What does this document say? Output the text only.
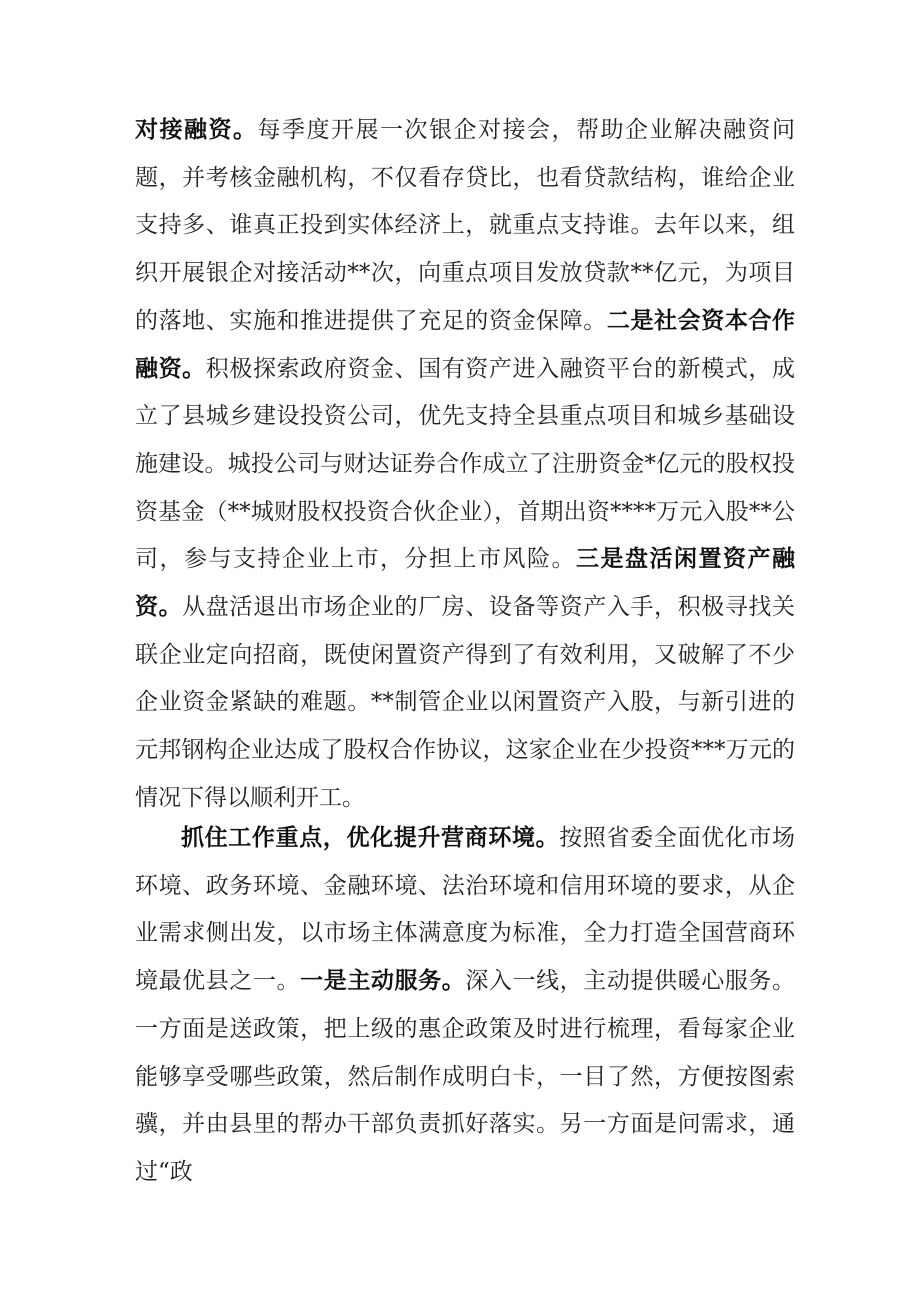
对接融资。每季度开展一次银企对接会，帮助企业解决融资问题，并考核金融机构，不仅看存贷比，也看贷款结构，谁给企业支持多、谁真正投到实体经济上，就重点支持谁。去年以来，组织开展银企对接活动**次，向重点项目发放贷款**亿元，为项目的落地、实施和推进提供了充足的资金保障。二是社会资本合作融资。积极探索政府资金、国有资产进入融资平台的新模式，成立了县城乡建设投资公司，优先支持全县重点项目和城乡基础设施建设。城投公司与财达证券合作成立了注册资金*亿元的股权投资基金（**城财股权投资合伙企业），首期出资****万元入股**公司，参与支持企业上市，分担上市风险。三是盘活闲置资产融资。从盘活退出市场企业的厂房、设备等资产入手，积极寻找关联企业定向招商，既使闲置资产得到了有效利用，又破解了不少企业资金紧缺的难题。**制管企业以闲置资产入股，与新引进的元邦钢构企业达成了股权合作协议，这家企业在少投资***万元的情况下得以顺利开工。

抓住工作重点，优化提升营商环境。按照省委全面优化市场环境、政务环境、金融环境、法治环境和信用环境的要求，从企业需求侧出发，以市场主体满意度为标准，全力打造全国营商环境最优县之一。一是主动服务。深入一线，主动提供暖心服务。一方面是送政策，把上级的惠企政策及时进行梳理，看每家企业能够享受哪些政策，然后制作成明白卡，一目了然，方便按图索骥，并由县里的帮办干部负责抓好落实。另一方面是问需求，通过“政
